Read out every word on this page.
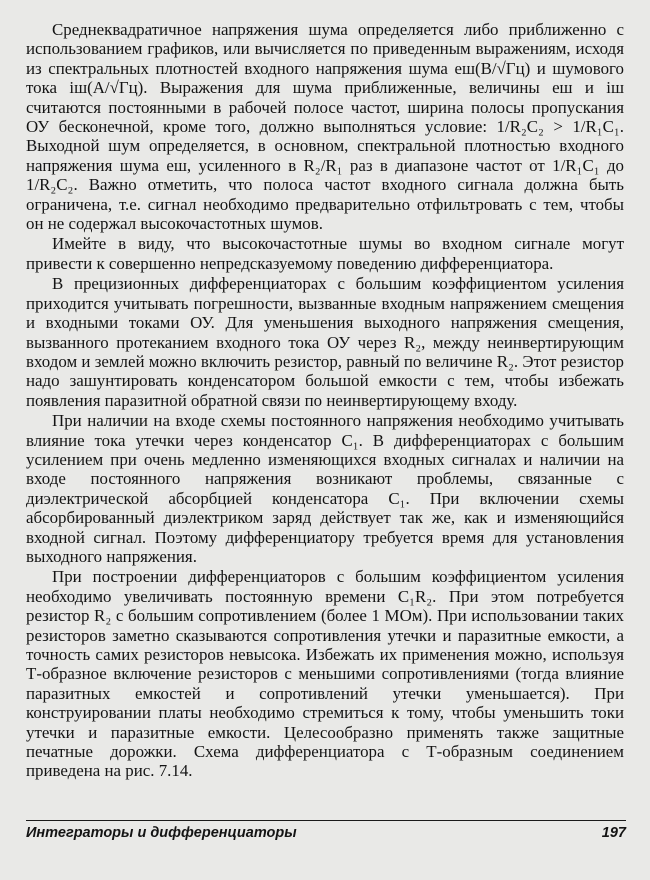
Среднеквадратичное напряжения шума определяется либо приближенно с использованием графиков, или вычисляется по приведенным выражениям, исходя из спектральных плотностей входного напряжения шума eш(В/√Гц) и шумового тока iш(А/√Гц). Выражения для шума приближенные, величины eш и iш считаются постоянными в рабочей полосе частот, ширина полосы пропускания ОУ бесконечной, кроме того, должно выполняться условие: 1/R₂C₂ > 1/R₁C₁. Выходной шум определяется, в основном, спектральной плотностью входного напряжения шума eш, усиленного в R₂/R₁ раз в диапазоне частот от 1/R₁C₁ до 1/R₂C₂. Важно отметить, что полоса частот входного сигнала должна быть ограничена, т.е. сигнал необходимо предварительно отфильтровать с тем, чтобы он не содержал высокочастотных шумов.

Имейте в виду, что высокочастотные шумы во входном сигнале могут привести к совершенно непредсказуемому поведению дифференциатора.

В прецизионных дифференциаторах с большим коэффициентом усиления приходится учитывать погрешности, вызванные входным напряжением смещения и входными токами ОУ. Для уменьшения выходного напряжения смещения, вызванного протеканием входного тока ОУ через R₂, между неинвертирующим входом и землей можно включить резистор, равный по величине R₂. Этот резистор надо зашунтировать конденсатором большой емкости с тем, чтобы избежать появления паразитной обратной связи по неинвертирующему входу.

При наличии на входе схемы постоянного напряжения необходимо учитывать влияние тока утечки через конденсатор C₁. В дифференциаторах с большим усилением при очень медленно изменяющихся входных сигналах и наличии на входе постоянного напряжения возникают проблемы, связанные с диэлектрической абсорбцией конденсатора C₁. При включении схемы абсорбированный диэлектриком заряд действует так же, как и изменяющийся входной сигнал. Поэтому дифференциатору требуется время для установления выходного напряжения.

При построении дифференциаторов с большим коэффициентом усиления необходимо увеличивать постоянную времени C₁R₂. При этом потребуется резистор R₂ с большим сопротивлением (более 1 МОм). При использовании таких резисторов заметно сказываются сопротивления утечки и паразитные емкости, а точность самих резисторов невысока. Избежать их применения можно, используя Т-образное включение резисторов с меньшими сопротивлениями (тогда влияние паразитных емкостей и сопротивлений утечки уменьшается). При конструировании платы необходимо стремиться к тому, чтобы уменьшить токи утечки и паразитные емкости. Целесообразно применять также защитные печатные дорожки. Схема дифференциатора с Т-образным соединением приведена на рис. 7.14.

Интеграторы и дифференциаторы	197
